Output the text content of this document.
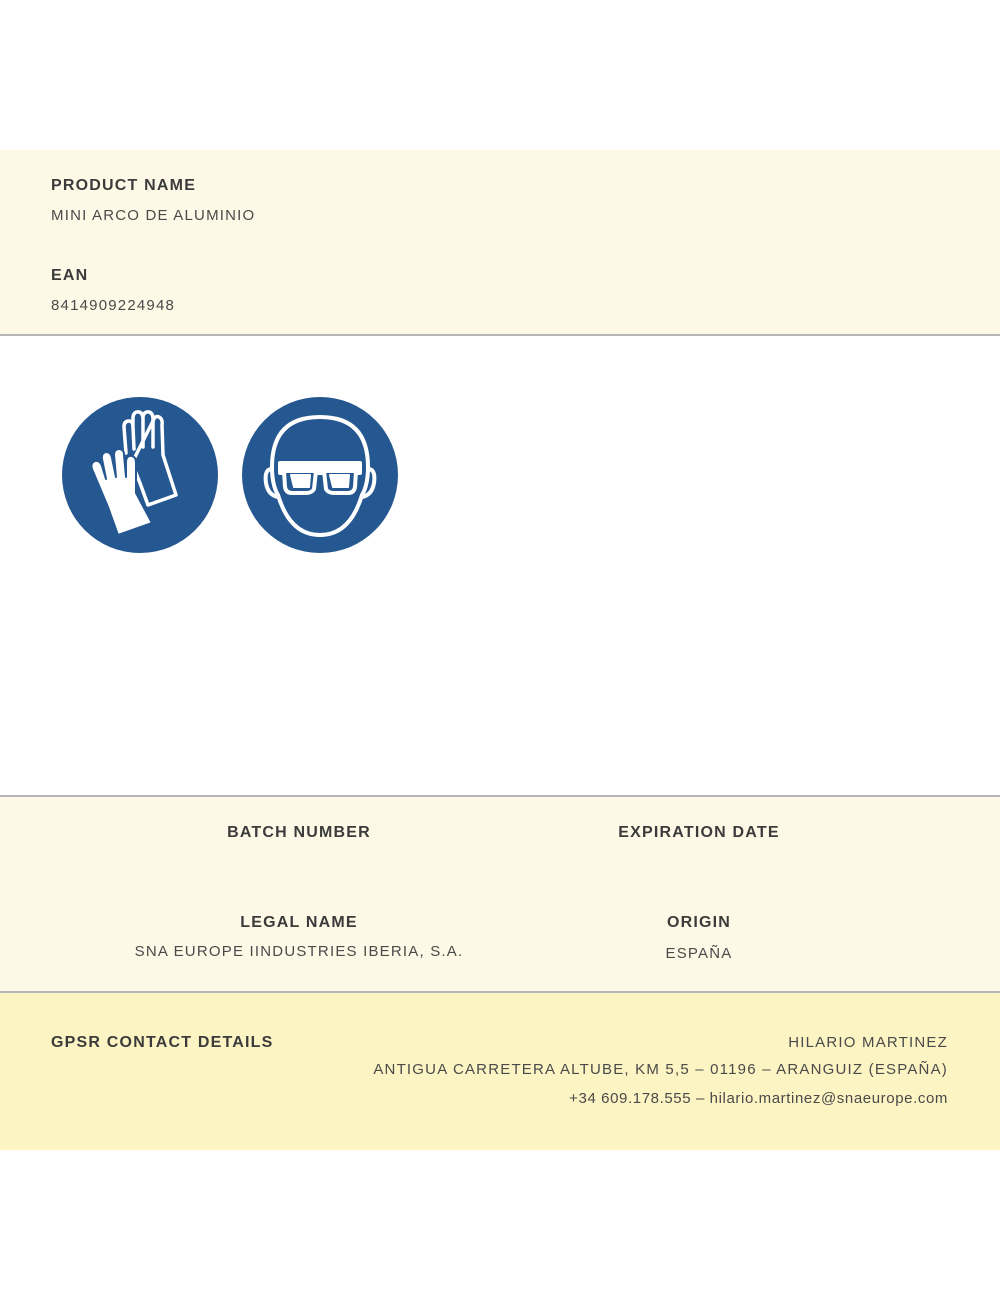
PRODUCT NAME
MINI ARCO DE ALUMINIO
EAN
8414909224948
BATCH NUMBER	EXPIRATION DATE
LEGAL NAME
SNA EUROPE IINDUSTRIES IBERIA, S.A.
ORIGIN
ESPAÑA
GPSR CONTACT DETAILS	HILARIO MARTINEZ
ANTIGUA CARRETERA ALTUBE, KM 5,5 – 01196 – ARANGUIZ (ESPAÑA)
+34 609.178.555 – hilario.martinez@snaeurope.com
